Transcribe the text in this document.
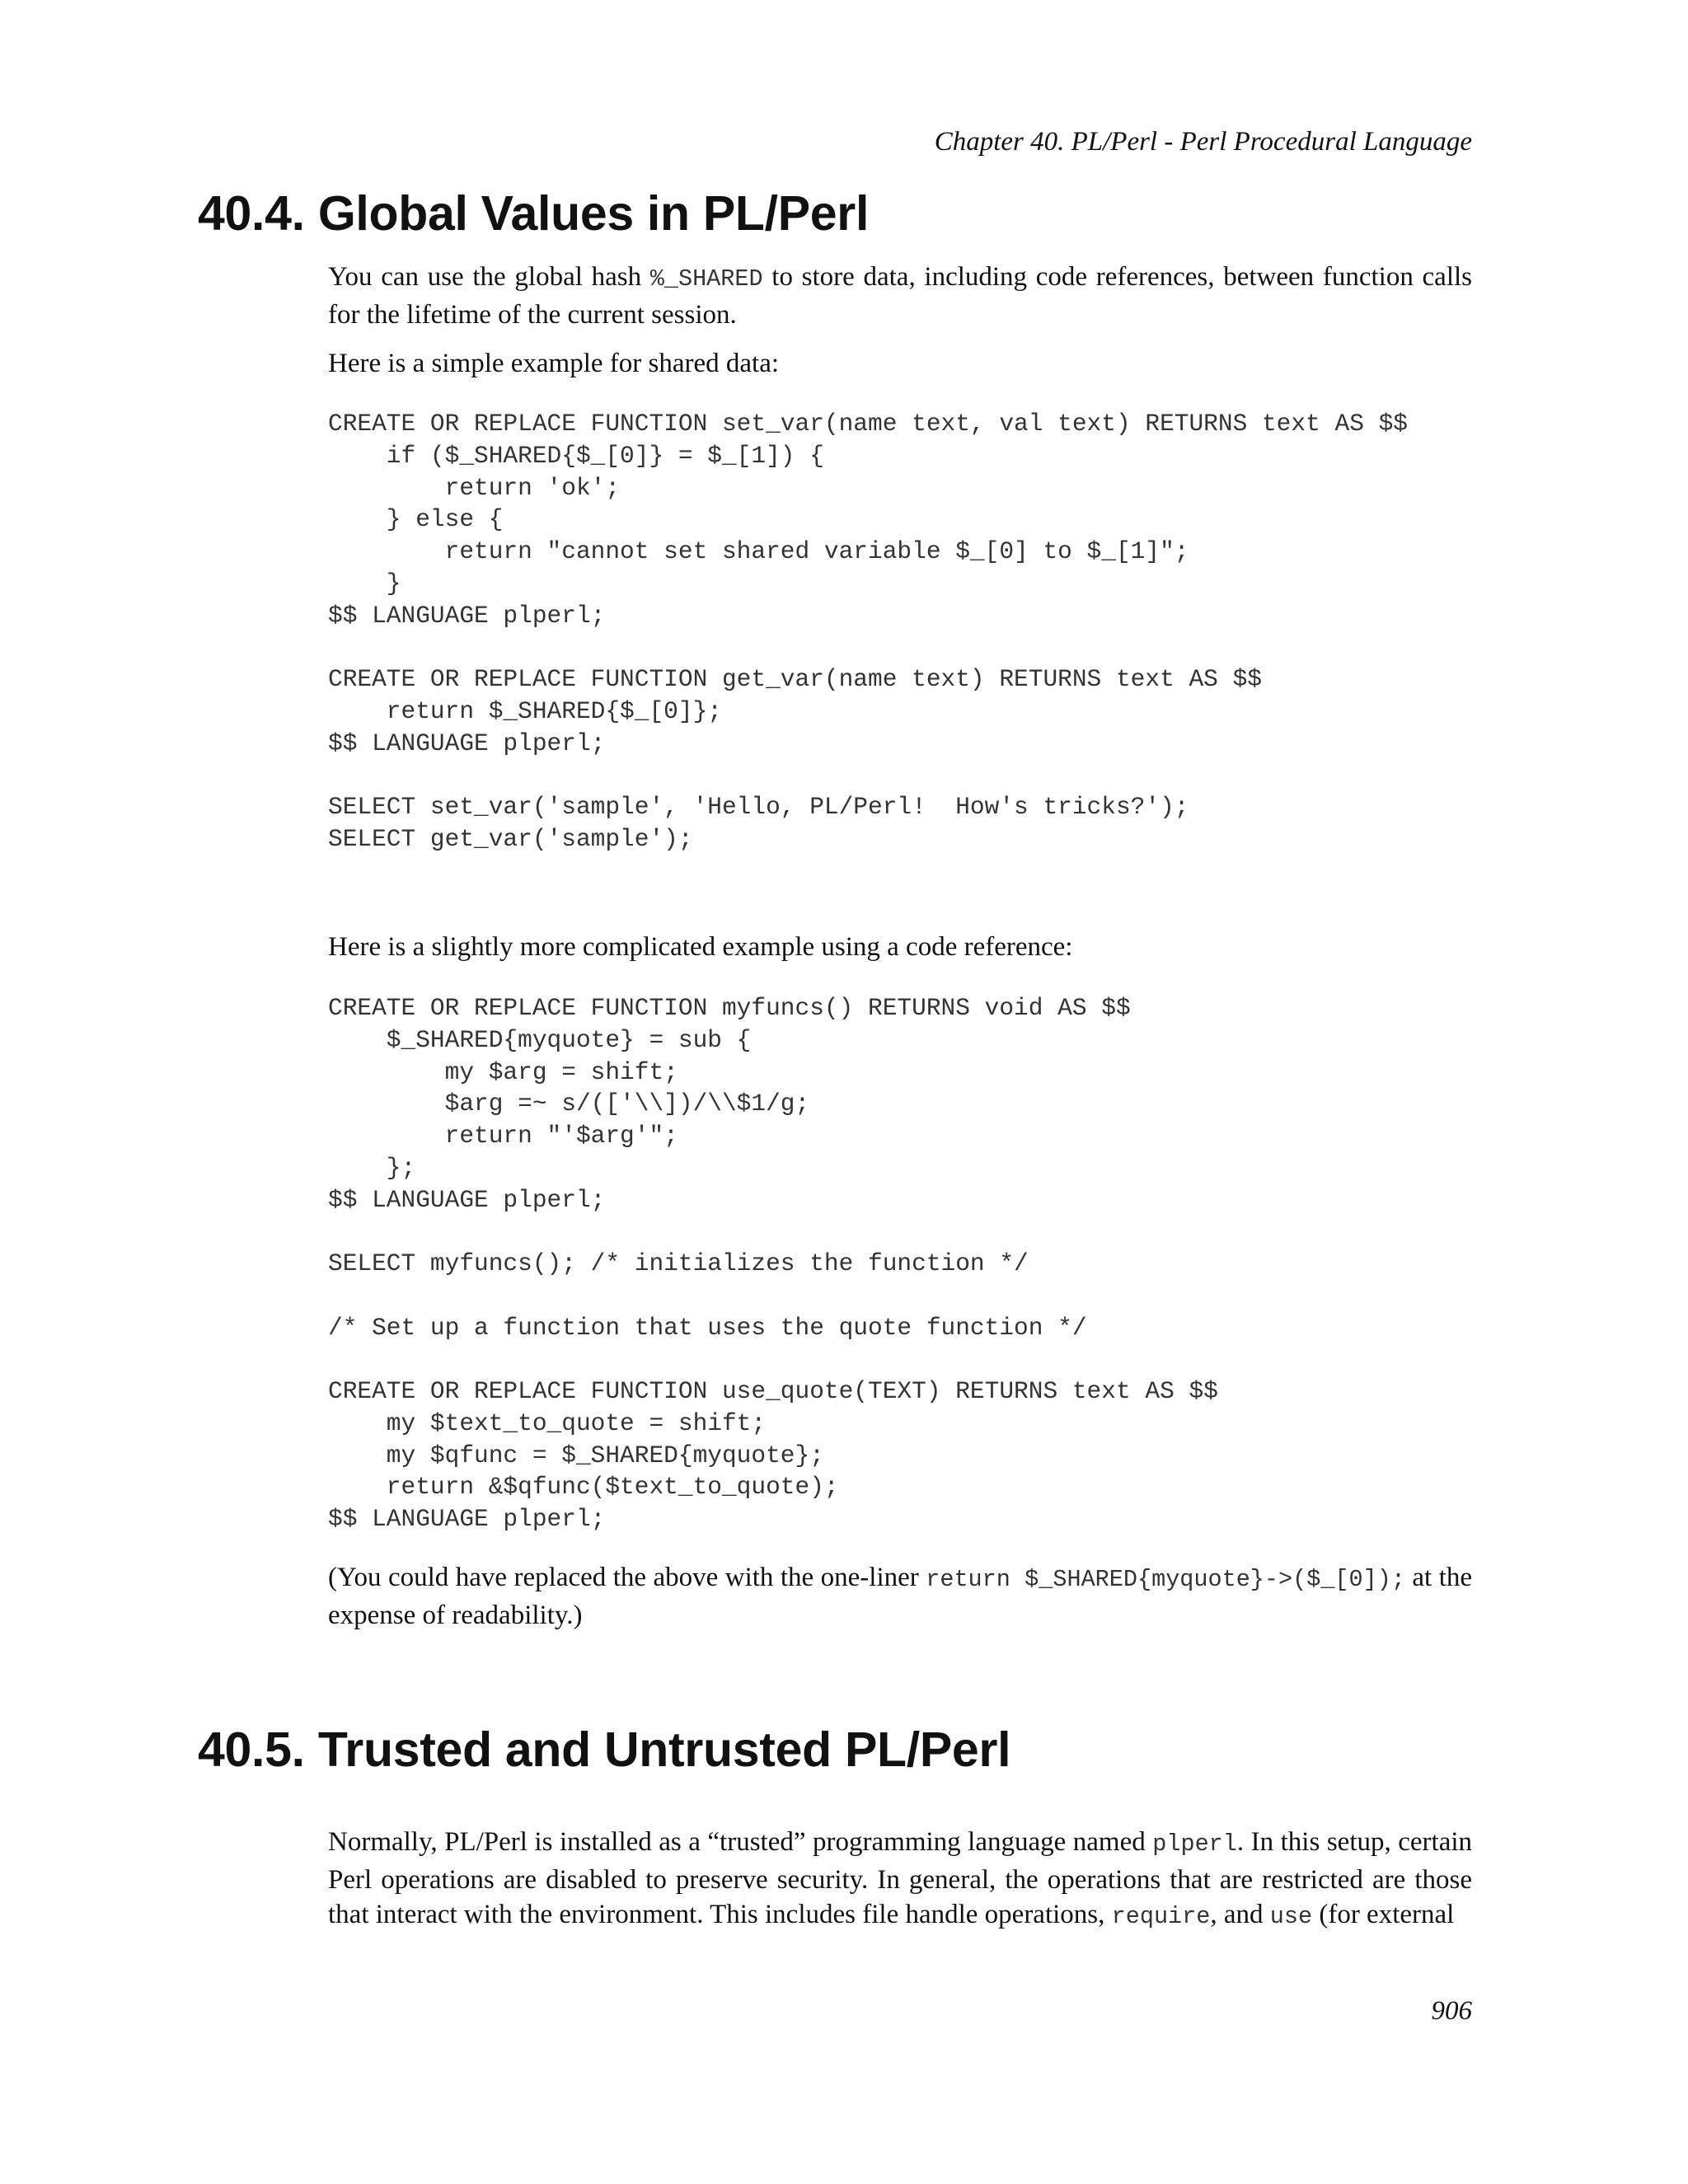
Chapter 40. PL/Perl - Perl Procedural Language
40.4. Global Values in PL/Perl

You can use the global hash %_SHARED to store data, including code references, between function calls for the lifetime of the current session.

Here is a simple example for shared data:

CREATE OR REPLACE FUNCTION set_var(name text, val text) RETURNS text AS $$
if ($_SHARED{$_[0]} = $_[1]) {
return 'ok';
} else {
return "cannot set shared variable $_[0] to $_[1]";
}
$$ LANGUAGE plperl;

CREATE OR REPLACE FUNCTION get_var(name text) RETURNS text AS $$
return $_SHARED{$_[0]};
$$ LANGUAGE plperl;

SELECT set_var('sample', 'Hello, PL/Perl!  How's tricks?');
SELECT get_var('sample');

Here is a slightly more complicated example using a code reference:

CREATE OR REPLACE FUNCTION myfuncs() RETURNS void AS $$
$_SHARED{myquote} = sub {
my $arg = shift;
$arg =~ s/(['\\])/\\$1/g;
return "'$arg'";
};
$$ LANGUAGE plperl;

SELECT myfuncs(); /* initializes the function */

/* Set up a function that uses the quote function */

CREATE OR REPLACE FUNCTION use_quote(TEXT) RETURNS text AS $$
my $text_to_quote = shift;
my $qfunc = $_SHARED{myquote};
return &$qfunc($text_to_quote);
$$ LANGUAGE plperl;

(You could have replaced the above with the one-liner return $_SHARED{myquote}->($_[0]); at the expense of readability.)

40.5. Trusted and Untrusted PL/Perl

Normally, PL/Perl is installed as a “trusted” programming language named plperl. In this setup, certain Perl operations are disabled to preserve security. In general, the operations that are restricted are those that interact with the environment. This includes file handle operations, require, and use (for external

906
